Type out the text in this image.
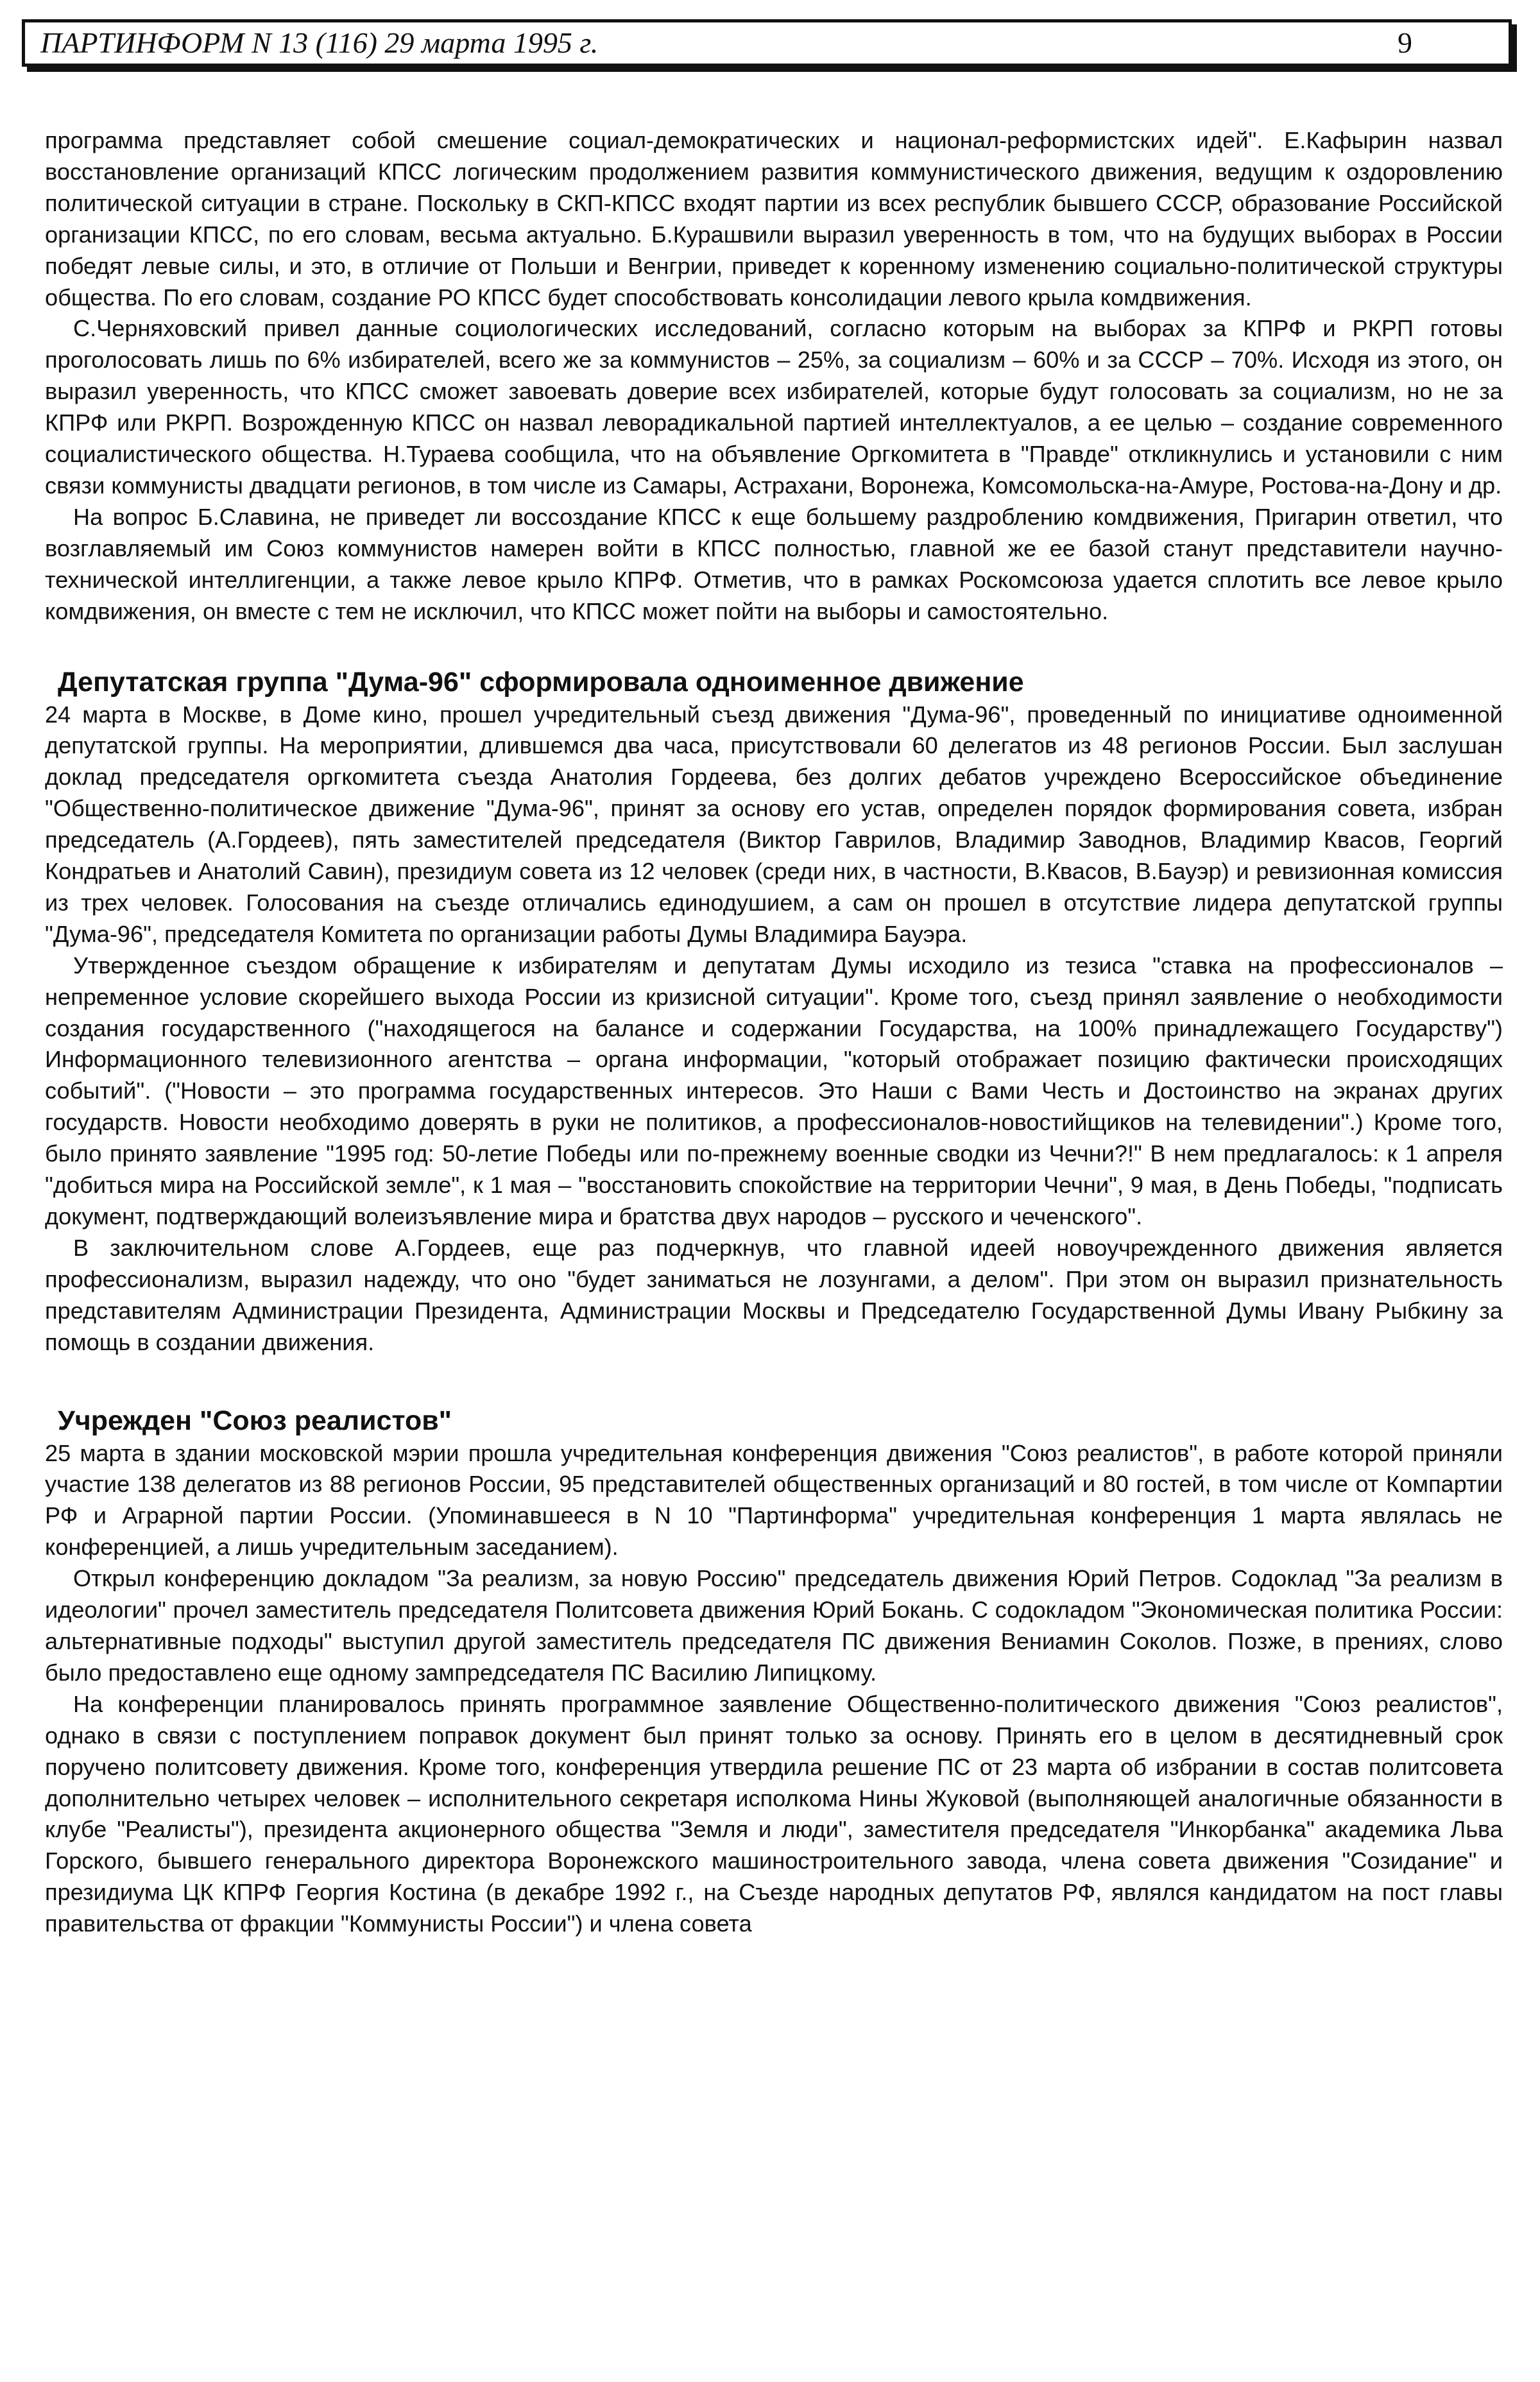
ПАРТИНФОРМ N 13 (116) 29 марта 1995 г.	9

программа представляет собой смешение социал-демократических и национал-реформистских идей". Е.Кафырин назвал восстановление организаций КПСС логическим продолжением развития коммунистического движения, ведущим к оздоровлению политической ситуации в стране. Поскольку в СКП-КПСС входят партии из всех республик бывшего СССР, образование Российской организации КПСС, по его словам, весьма актуально. Б.Курашвили выразил уверенность в том, что на будущих выборах в России победят левые силы, и это, в отличие от Польши и Венгрии, приведет к коренному изменению социально-политической структуры общества. По его словам, создание РО КПСС будет способствовать консолидации левого крыла комдвижения.

С.Черняховский привел данные социологических исследований, согласно которым на выборах за КПРФ и РКРП готовы проголосовать лишь по 6% избирателей, всего же за коммунистов – 25%, за социализм – 60% и за СССР – 70%. Исходя из этого, он выразил уверенность, что КПСС сможет завоевать доверие всех избирателей, которые будут голосовать за социализм, но не за КПРФ или РКРП. Возрожденную КПСС он назвал леворадикальной партией интеллектуалов, а ее целью – создание современного социалистического общества. Н.Тураева сообщила, что на объявление Оргкомитета в "Правде" откликнулись и установили с ним связи коммунисты двадцати регионов, в том числе из Самары, Астрахани, Воронежа, Комсомольска-на-Амуре, Ростова-на-Дону и др.

На вопрос Б.Славина, не приведет ли воссоздание КПСС к еще большему раздроблению комдвижения, Пригарин ответил, что возглавляемый им Союз коммунистов намерен войти в КПСС полностью, главной же ее базой станут представители научно-технической интеллигенции, а также левое крыло КПРФ. Отметив, что в рамках Роскомсоюза удается сплотить все левое крыло комдвижения, он вместе с тем не исключил, что КПСС может пойти на выборы и самостоятельно.

Депутатская группа "Дума-96" сформировала одноименное движение

24 марта в Москве, в Доме кино, прошел учредительный съезд движения "Дума-96", проведенный по инициативе одноименной депутатской группы. На мероприятии, длившемся два часа, присутствовали 60 делегатов из 48 регионов России. Был заслушан доклад председателя оргкомитета съезда Анатолия Гордеева, без долгих дебатов учреждено Всероссийское объединение "Общественно-политическое движение "Дума-96", принят за основу его устав, определен порядок формирования совета, избран председатель (А.Гордеев), пять заместителей председателя (Виктор Гаврилов, Владимир Заводнов, Владимир Квасов, Георгий Кондратьев и Анатолий Савин), президиум совета из 12 человек (среди них, в частности, В.Квасов, В.Бауэр) и ревизионная комиссия из трех человек. Голосования на съезде отличались единодушием, а сам он прошел в отсутствие лидера депутатской группы "Дума-96", председателя Комитета по организации работы Думы Владимира Бауэра.

Утвержденное съездом обращение к избирателям и депутатам Думы исходило из тезиса "ставка на профессионалов – непременное условие скорейшего выхода России из кризисной ситуации". Кроме того, съезд принял заявление о необходимости создания государственного ("находящегося на балансе и содержании Государства, на 100% принадлежащего Государству") Информационного телевизионного агентства – органа информации, "который отображает позицию фактически происходящих событий". ("Новости – это программа государственных интересов. Это Наши с Вами Честь и Достоинство на экранах других государств. Новости необходимо доверять в руки не политиков, а профессионалов-новостийщиков на телевидении".) Кроме того, было принято заявление "1995 год: 50-летие Победы или по-прежнему военные сводки из Чечни?!" В нем предлагалось: к 1 апреля "добиться мира на Российской земле", к 1 мая – "восстановить спокойствие на территории Чечни", 9 мая, в День Победы, "подписать документ, подтверждающий волеизъявление мира и братства двух народов – русского и чеченского".

В заключительном слове А.Гордеев, еще раз подчеркнув, что главной идеей новоучрежденного движения является профессионализм, выразил надежду, что оно "будет заниматься не лозунгами, а делом". При этом он выразил признательность представителям Администрации Президента, Администрации Москвы и Председателю Государственной Думы Ивану Рыбкину за помощь в создании движения.

Учрежден "Союз реалистов"

25 марта в здании московской мэрии прошла учредительная конференция движения "Союз реалистов", в работе которой приняли участие 138 делегатов из 88 регионов России, 95 представителей общественных организаций и 80 гостей, в том числе от Компартии РФ и Аграрной партии России. (Упоминавшееся в N 10 "Партинформа" учредительная конференция 1 марта являлась не конференцией, а лишь учредительным заседанием).

Открыл конференцию докладом "За реализм, за новую Россию" председатель движения Юрий Петров. Содоклад "За реализм в идеологии" прочел заместитель председателя Политсовета движения Юрий Бокань. С содокладом "Экономическая политика России: альтернативные подходы" выступил другой заместитель председателя ПС движения Вениамин Соколов. Позже, в прениях, слово было предоставлено еще одному зампредседателя ПС Василию Липицкому.

На конференции планировалось принять программное заявление Общественно-политического движения "Союз реалистов", однако в связи с поступлением поправок документ был принят только за основу. Принять его в целом в десятидневный срок поручено политсовету движения. Кроме того, конференция утвердила решение ПС от 23 марта об избрании в состав политсовета дополнительно четырех человек – исполнительного секретаря исполкома Нины Жуковой (выполняющей аналогичные обязанности в клубе "Реалисты"), президента акционерного общества "Земля и люди", заместителя председателя "Инкорбанка" академика Льва Горского, бывшего генерального директора Воронежского машиностроительного завода, члена совета движения "Созидание" и президиума ЦК КПРФ Георгия Костина (в декабре 1992 г., на Съезде народных депутатов РФ, являлся кандидатом на пост главы правительства от фракции "Коммунисты России") и члена совета
